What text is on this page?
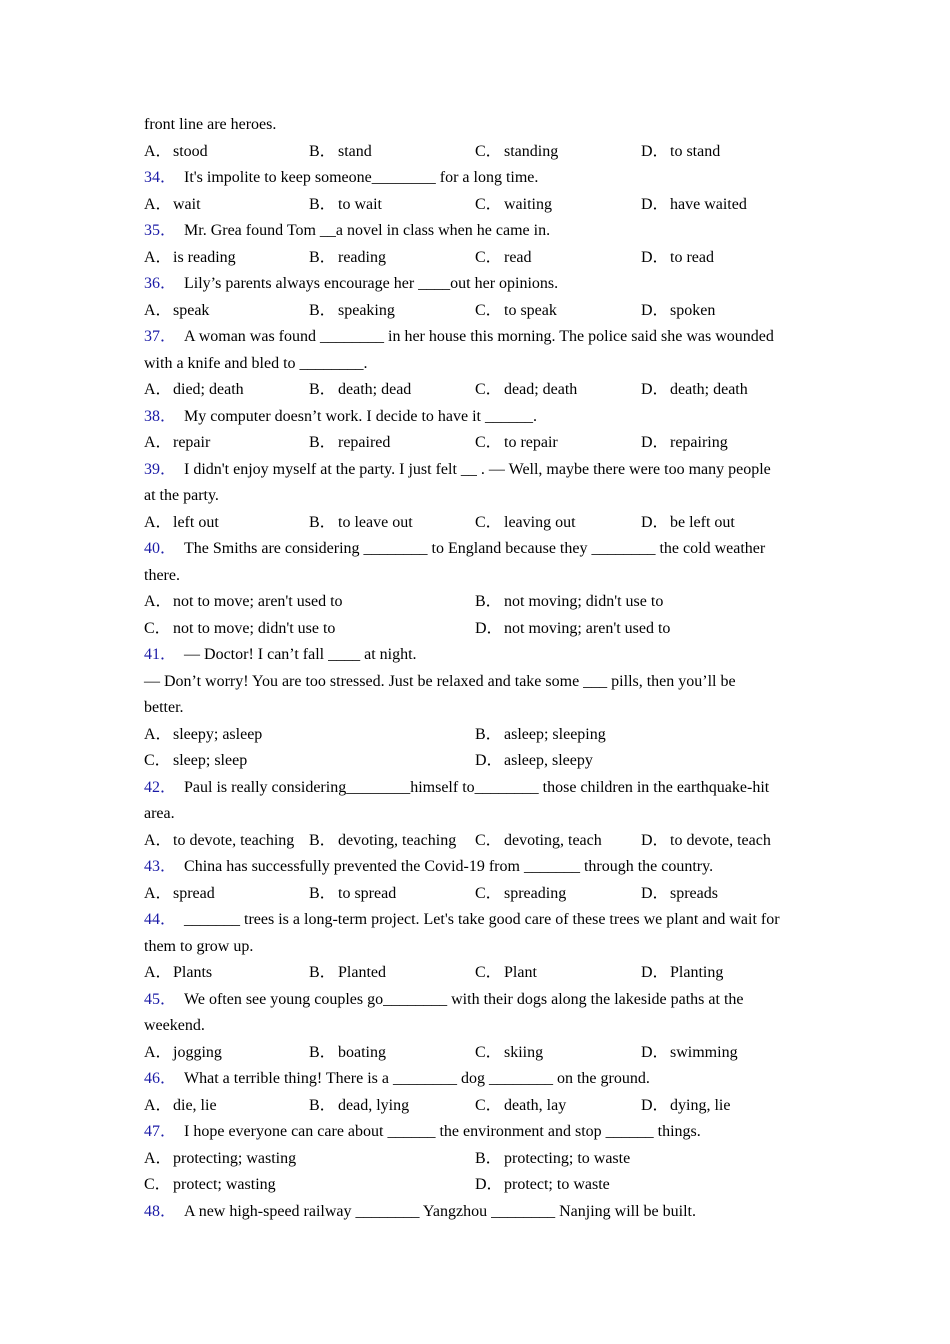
front line are heroes.
A．stood	B． stand	C． standing	D．to stand
34． It's impolite to keep someone________ for a long time.
A．wait	B． to wait	C． waiting	D．have waited
35． Mr. Grea found Tom __a novel in class when he came in.
A．is reading	B． reading	C． read	D．to read
36． Lily’s parents always encourage her ____out her opinions.
A．speak	B． speaking	C． to speak	D．spoken
37． A woman was found ________ in her house this morning. The police said she was wounded
with a knife and bled to ________.
A．died; death	B． death; dead	C． dead; death	D．death; death
38． My computer doesn’t work. I decide to have it ______.
A．repair	B． repaired	C． to repair	D．repairing
39． I didn't enjoy myself at the party. I just felt __ . — Well, maybe there were too many people
at the party.
A．left out	B． to leave out	C． leaving out	D．be left out
40． The Smiths are considering ________ to England because they ________ the cold weather
there.
A．not to move; aren't used to	B． not moving; didn't use to
C． not to move; didn't use to	D．not moving; aren't used to
41． — Doctor! I can’t fall ____ at night.
— Don’t worry! You are too stressed. Just be relaxed and take some ___ pills, then you’ll be
better.
A．sleepy; asleep	B． asleep; sleeping
C． sleep; sleep	D．asleep, sleepy
42． Paul is really considering________himself to________ those children in the earthquake-hit
area.
A．to devote, teaching B． devoting, teaching C． devoting, teach D．to devote, teach
43． China has successfully prevented the Covid-19 from _______ through the country.
A．spread	B． to spread	C． spreading	D．spreads
44． _______ trees is a long-term project. Let's take good care of these trees we plant and wait for
them to grow up.
A．Plants	B． Planted	C． Plant	D．Planting
45． We often see young couples go________ with their dogs along the lakeside paths at the
weekend.
A．jogging	B． boating	C． skiing	D．swimming
46． What a terrible thing! There is a ________ dog ________ on the ground.
A．die, lie	B． dead, lying	C． death, lay	D．dying, lie
47． I hope everyone can care about ______ the environment and stop ______ things.
A．protecting; wasting	B． protecting; to waste
C． protect; wasting	D．protect; to waste
48． A new high-speed railway ________ Yangzhou ________ Nanjing will be built.
